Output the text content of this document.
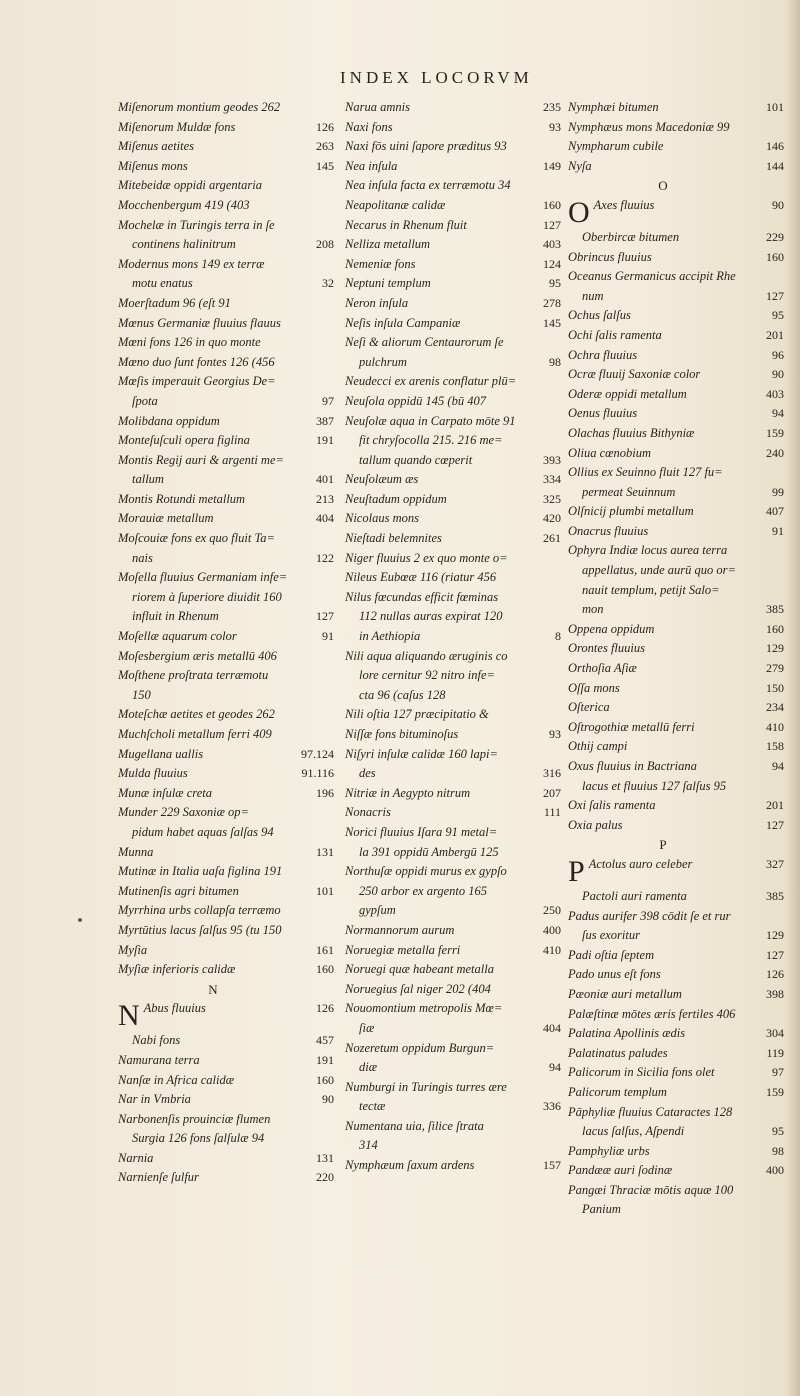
INDEX LOCORVM
Miſenorum montium geodes 262
Miſenorum Muldæ fons	126
Miſenus aetites	263
Miſenus mons	145
Mitebeidæ oppidi argentaria
Mocchenbergum 419 (403
Mochelæ in Turingis terra in ſe
continens halinitrum	208
Modernus mons 149 ex terræ
motu enatus	32
Moerſtadum 96 (eſt 91
Mœnus Germaniæ fluuius flauus
Mœni fons 126 in quo monte
Mœno duo ſunt fontes 126 (456
Mœſis imperauit Georgius De=
ſpota	97
Molibdana oppidum	387
Monteſuſculi opera figlina	191
Montis Regij auri & argenti me=
tallum	401
Montis Rotundi metallum	213
Morauiæ metallum	404
Moſcouiæ fons ex quo fluit Ta=
nais	122
Moſella fluuius Germaniam infe=
riorem à ſuperiore diuidit 160
influit in Rhenum	127
Moſellæ aquarum color	91
Moſesbergium æris metallū 406
Moſthene proſtrata terræmotu
150
Moteſchæ aetites et geodes 262
Muchſcholi metallum ferri 409
Mugellana uallis	97.124
Mulda fluuius	91.116
Munæ inſulæ creta	196
Munder 229 Saxoniæ op=
pidum habet aquas ſalſas 94
Munna	131
Mutinæ in Italia uaſa figlina 191
Mutinenſis agri bitumen	101
Myrrhina urbs collapſa terræmo
Myrtūtius lacus ſalſus 95 (tu 150
Myſia	161
Myſiæ inferioris calidæ	160
N
N Abus fluuius	126
Nabi fons	457
Namurana terra	191
Nanſæ in Africa calidæ	160
Nar in Vmbria	90
Narbonenſis prouinciæ flumen
Surgia 126 fons ſalſulæ 94
Narnia	131
Narnienſe ſulfur	220
Narua amnis	235
Naxi fons	93
Naxi fōs uini ſapore præditus 93
Nea inſula	149
Nea inſula facta ex terræmotu 34
Neapolitanæ calidæ	160
Necarus in Rhenum fluit	127
Nelliza metallum	403
Nemeniæ fons	124
Neptuni templum	95
Neron inſula	278
Neſis inſula Campaniæ	145
Neſi & aliorum Centaurorum ſe
pulchrum	98
Neudecci ex arenis conflatur plū=
Neuſola oppidū 145 (bū 407
Neuſolæ aqua in Carpato mōte 91
fit chryſocolla 215. 216 me=
tallum quando cœperit	393
Neuſolæum æs	334
Neuſtadum oppidum	325
Nicolaus mons	420
Nieſtadi belemnites	261
Niger fluuius 2 ex quo monte o=
Nileus Eubœæ 116 (riatur 456
Nilus fœcundas efficit fœminas
112 nullas auras expirat 120
in Aethiopia	8
Nili aqua aliquando æruginis co
lore cernitur 92 nitro infe=
cta 96 (caſus 128
Nili oſtia 127 præcipitatio &
Niſſæ fons bituminoſus	93
Niſyri inſulæ calidæ 160 lapi=
des	316
Nitriæ in Aegypto nitrum	207
Nonacris	111
Norici fluuius Iſara 91 metal=
la 391 oppidū Ambergū 125
Northuſæ oppidi murus ex gypſo
250 arbor ex argento 165
gypſum	250
Normannorum aurum	400
Noruegiæ metalla ferri	410
Noruegi quæ habeant metalla
Noruegius ſal niger 202 (404
Nouomontium metropolis Mœ=
ſiæ	404
Nozeretum oppidum Burgun=
diæ	94
Numburgi in Turingis turres ære
tectæ	336
Numentana uia, ſilice ſtrata
314
Nymphæum ſaxum ardens	157
Nymphæi bitumen	101
Nymphæus mons Macedoniæ 99
Nympharum cubile	146
Nyſa	144
O
O Axes fluuius	90
Oberbircæ bitumen	229
Obrincus fluuius	160
Oceanus Germanicus accipit Rhe
num	127
Ochus ſalſus	95
Ochi ſalis ramenta	201
Ochra fluuius	96
Ocræ fluuij Saxoniæ color	90
Oderæ oppidi metallum	403
Oenus fluuius	94
Olachas fluuius Bithyniæ	159
Oliua cœnobium	240
Ollius ex Seuinno fluit 127 fu=
permeat Seuinnum	99
Olſnicij plumbi metallum	407
Onacrus fluuius	91
Ophyra Indiæ locus aurea terra
appellatus, unde aurū quo or=
nauit templum, petijt Salo=
mon	385
Oppena oppidum	160
Orontes fluuius	129
Orthoſia Aſiæ	279
Oſſa mons	150
Oſterica	234
Oſtrogothiæ metallū ferri	410
Othij campi	158
Oxus fluuius in Bactriana	94
lacus et fluuius 127 ſalſus 95
Oxi ſalis ramenta	201
Oxia palus	127
P
P Actolus auro celeber	327
Pactoli auri ramenta	385
Padus aurifer 398 cōdit ſe et rur
ſus exoritur	129
Padi oſtia ſeptem	127
Pado unus eſt fons	126
Pæoniæ auri metallum	398
Palæſtinæ mōtes æris fertiles 406
Palatina Apollinis ædis	304
Palatinatus paludes	119
Palicorum in Sicilia fons olet	97
Palicorum templum	159
Pāphyliæ fluuius Cataractes 128
lacus ſalſus, Aſpendi	95
Pamphyliæ urbs	98
Pandææ auri ſodinæ	400
Pangæi Thraciæ mōtis aquæ 100
Panium
